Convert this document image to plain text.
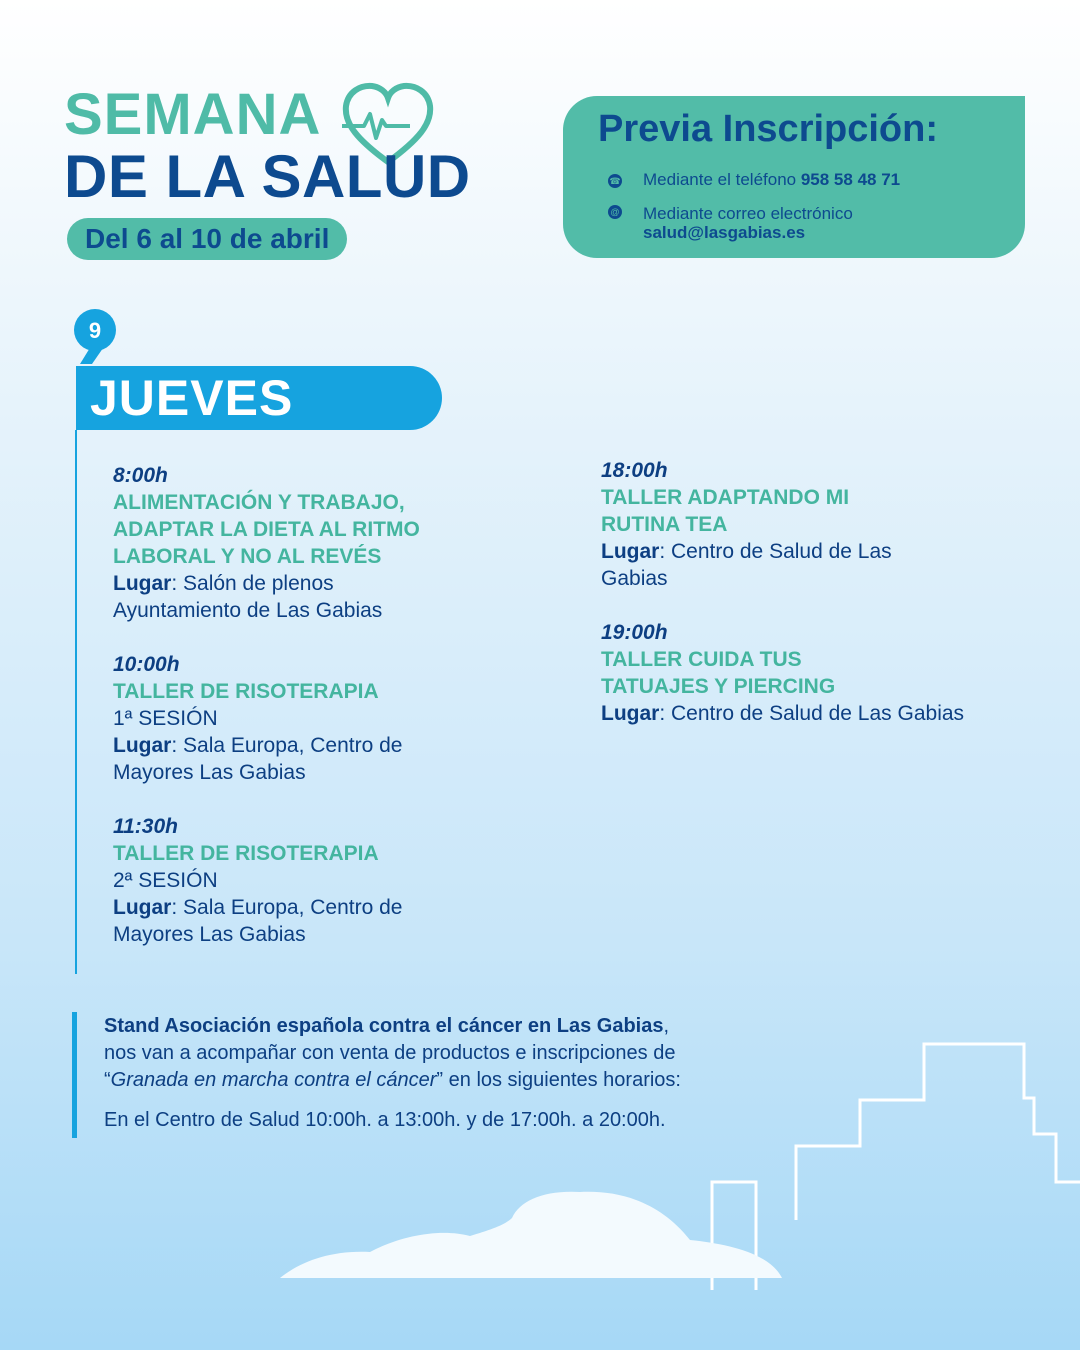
SEMANA
DE LA SALUD
Del 6 al 10 de abril
Previa Inscripción:
☎ Mediante el teléfono 958 58 48 71
@ Mediante correo electrónico
salud@lasgabias.es
9
JUEVES
8:00h
ALIMENTACIÓN Y TRABAJO, ADAPTAR LA DIETA AL RITMO LABORAL Y NO AL REVÉS
Lugar: Salón de plenos Ayuntamiento de Las Gabias
10:00h
TALLER DE RISOTERAPIA
1ª SESIÓN
Lugar: Sala Europa, Centro de Mayores Las Gabias
11:30h
TALLER DE RISOTERAPIA
2ª SESIÓN
Lugar: Sala Europa, Centro de Mayores Las Gabias
18:00h
TALLER ADAPTANDO MI RUTINA TEA
Lugar: Centro de Salud de Las Gabias
19:00h
TALLER CUIDA TUS TATUAJES Y PIERCING
Lugar: Centro de Salud de Las Gabias
Stand Asociación española contra el cáncer en Las Gabias,
nos van a acompañar con venta de productos e inscripciones de
“Granada en marcha contra el cáncer” en los siguientes horarios:
En el Centro de Salud 10:00h. a 13:00h. y de 17:00h. a 20:00h.
